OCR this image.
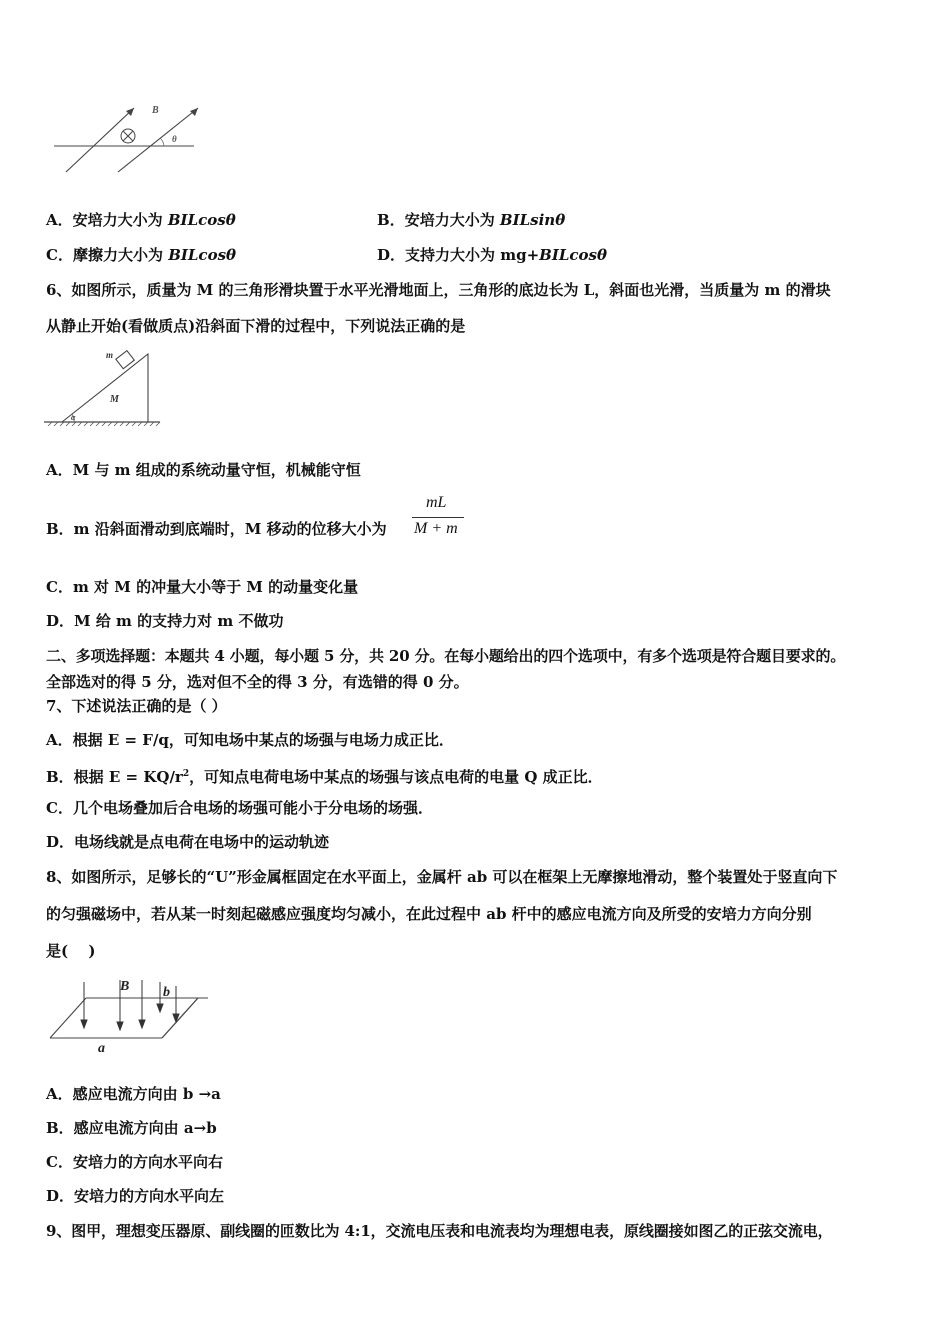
B
θ
A．安培力大小为 BILcosθ	B．安培力大小为 BILsinθ
C．摩擦力大小为 BILcosθ	D．支持力大小为 mg+BILcosθ
6、如图所示，质量为 M 的三角形滑块置于水平光滑地面上，三角形的底边长为 L，斜面也光滑，当质量为 m 的滑块
从静止开始(看做质点)沿斜面下滑的过程中，下列说法正确的是
m
M
α
A．M 与 m 组成的系统动量守恒，机械能守恒
B．m 沿斜面滑动到底端时，M 移动的位移大小为
mL
M + m
C．m 对 M 的冲量大小等于 M 的动量变化量
D．M 给 m 的支持力对 m 不做功
二、多项选择题：本题共 4 小题，每小题 5 分，共 20 分。在每小题给出的四个选项中，有多个选项是符合题目要求的。
全部选对的得 5 分，选对但不全的得 3 分，有选错的得 0 分。
7、下述说法正确的是（ ）
A．根据 E = F/q，可知电场中某点的场强与电场力成正比．
B．根据 $E = KQ/r^2$，可知点电荷电场中某点的场强与该点电荷的电量 Q 成正比．
C．几个电场叠加后合电场的场强可能小于分电场的场强．
D．电场线就是点电荷在电场中的运动轨迹
8、如图所示，足够长的“U”形金属框固定在水平面上，金属杆 ab 可以在框架上无摩擦地滑动，整个装置处于竖直向下
的匀强磁场中，若从某一时刻起磁感应强度均匀减小，在此过程中 ab 杆中的感应电流方向及所受的安培力方向分别
是(　 )
B b
a
A．感应电流方向由 b →a
B．感应电流方向由 a→b
C．安培力的方向水平向右
D．安培力的方向水平向左
9、图甲，理想变压器原、副线圈的匝数比为 4:1，交流电压表和电流表均为理想电表，原线圈接如图乙的正弦交流电，
